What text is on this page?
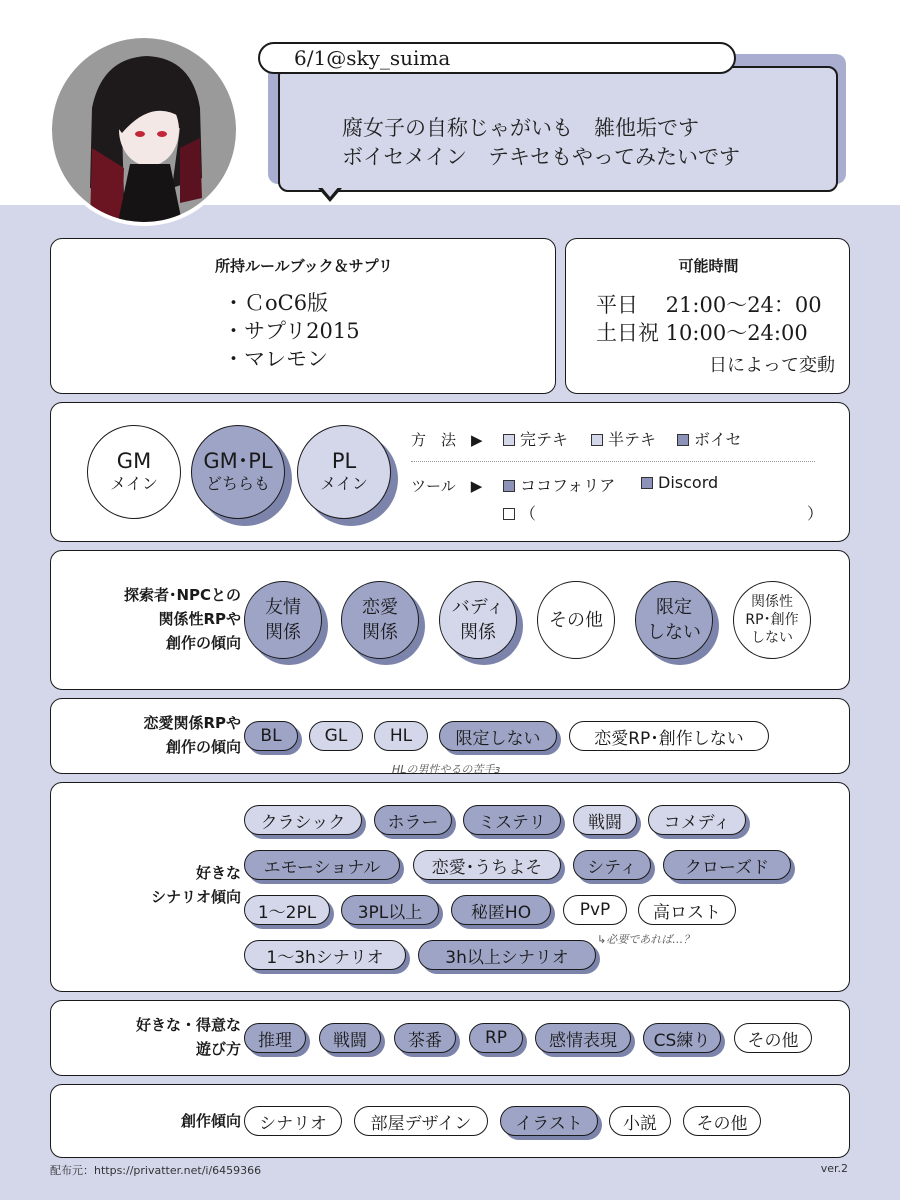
腐女子の自称じゃがいも　雑他垢です
ボイセメイン　テキセもやってみたいです
6/1@sky_suima
所持ルールブック＆サプリ
・ＣoC6版
・サプリ2015
・マレモン
可能時間
平日　 21:00～24：00
土日祝 10:00～24:00
日によって変動
GM
メイン
GM･PL
どちらも
PL
メイン
方　法　▶	完テキ	半テキ	ボイセ
ツール　▶	ココフォリア	Discord
（	）
探索者･NPCとの
関係性RPや
創作の傾向
友情
関係
恋愛
関係
バディ
関係
その他
限定
しない
関係性
RP･創作
しない
恋愛関係RPや
創作の傾向
BL	GL	HL	限定しない	恋愛RP･創作しない
HLの男性やるの苦手з
好きな
シナリオ傾向
クラシック	ホラー	ミステリ	戦闘	コメディ
エモーショナル	恋愛･うちよそ	シティ	クローズド
1～2PL	3PL以上	秘匿HO	PvP	高ロスト
1～3hシナリオ	3h以上シナリオ
↳必要であれば…？
好きな・得意な
遊び方	推理	戦闘	茶番	RP	感情表現	CS練り	その他
創作傾向	シナリオ	部屋デザイン	イラスト	小説	その他
配布元：https://privatter.net/i/6459366	ver.2
